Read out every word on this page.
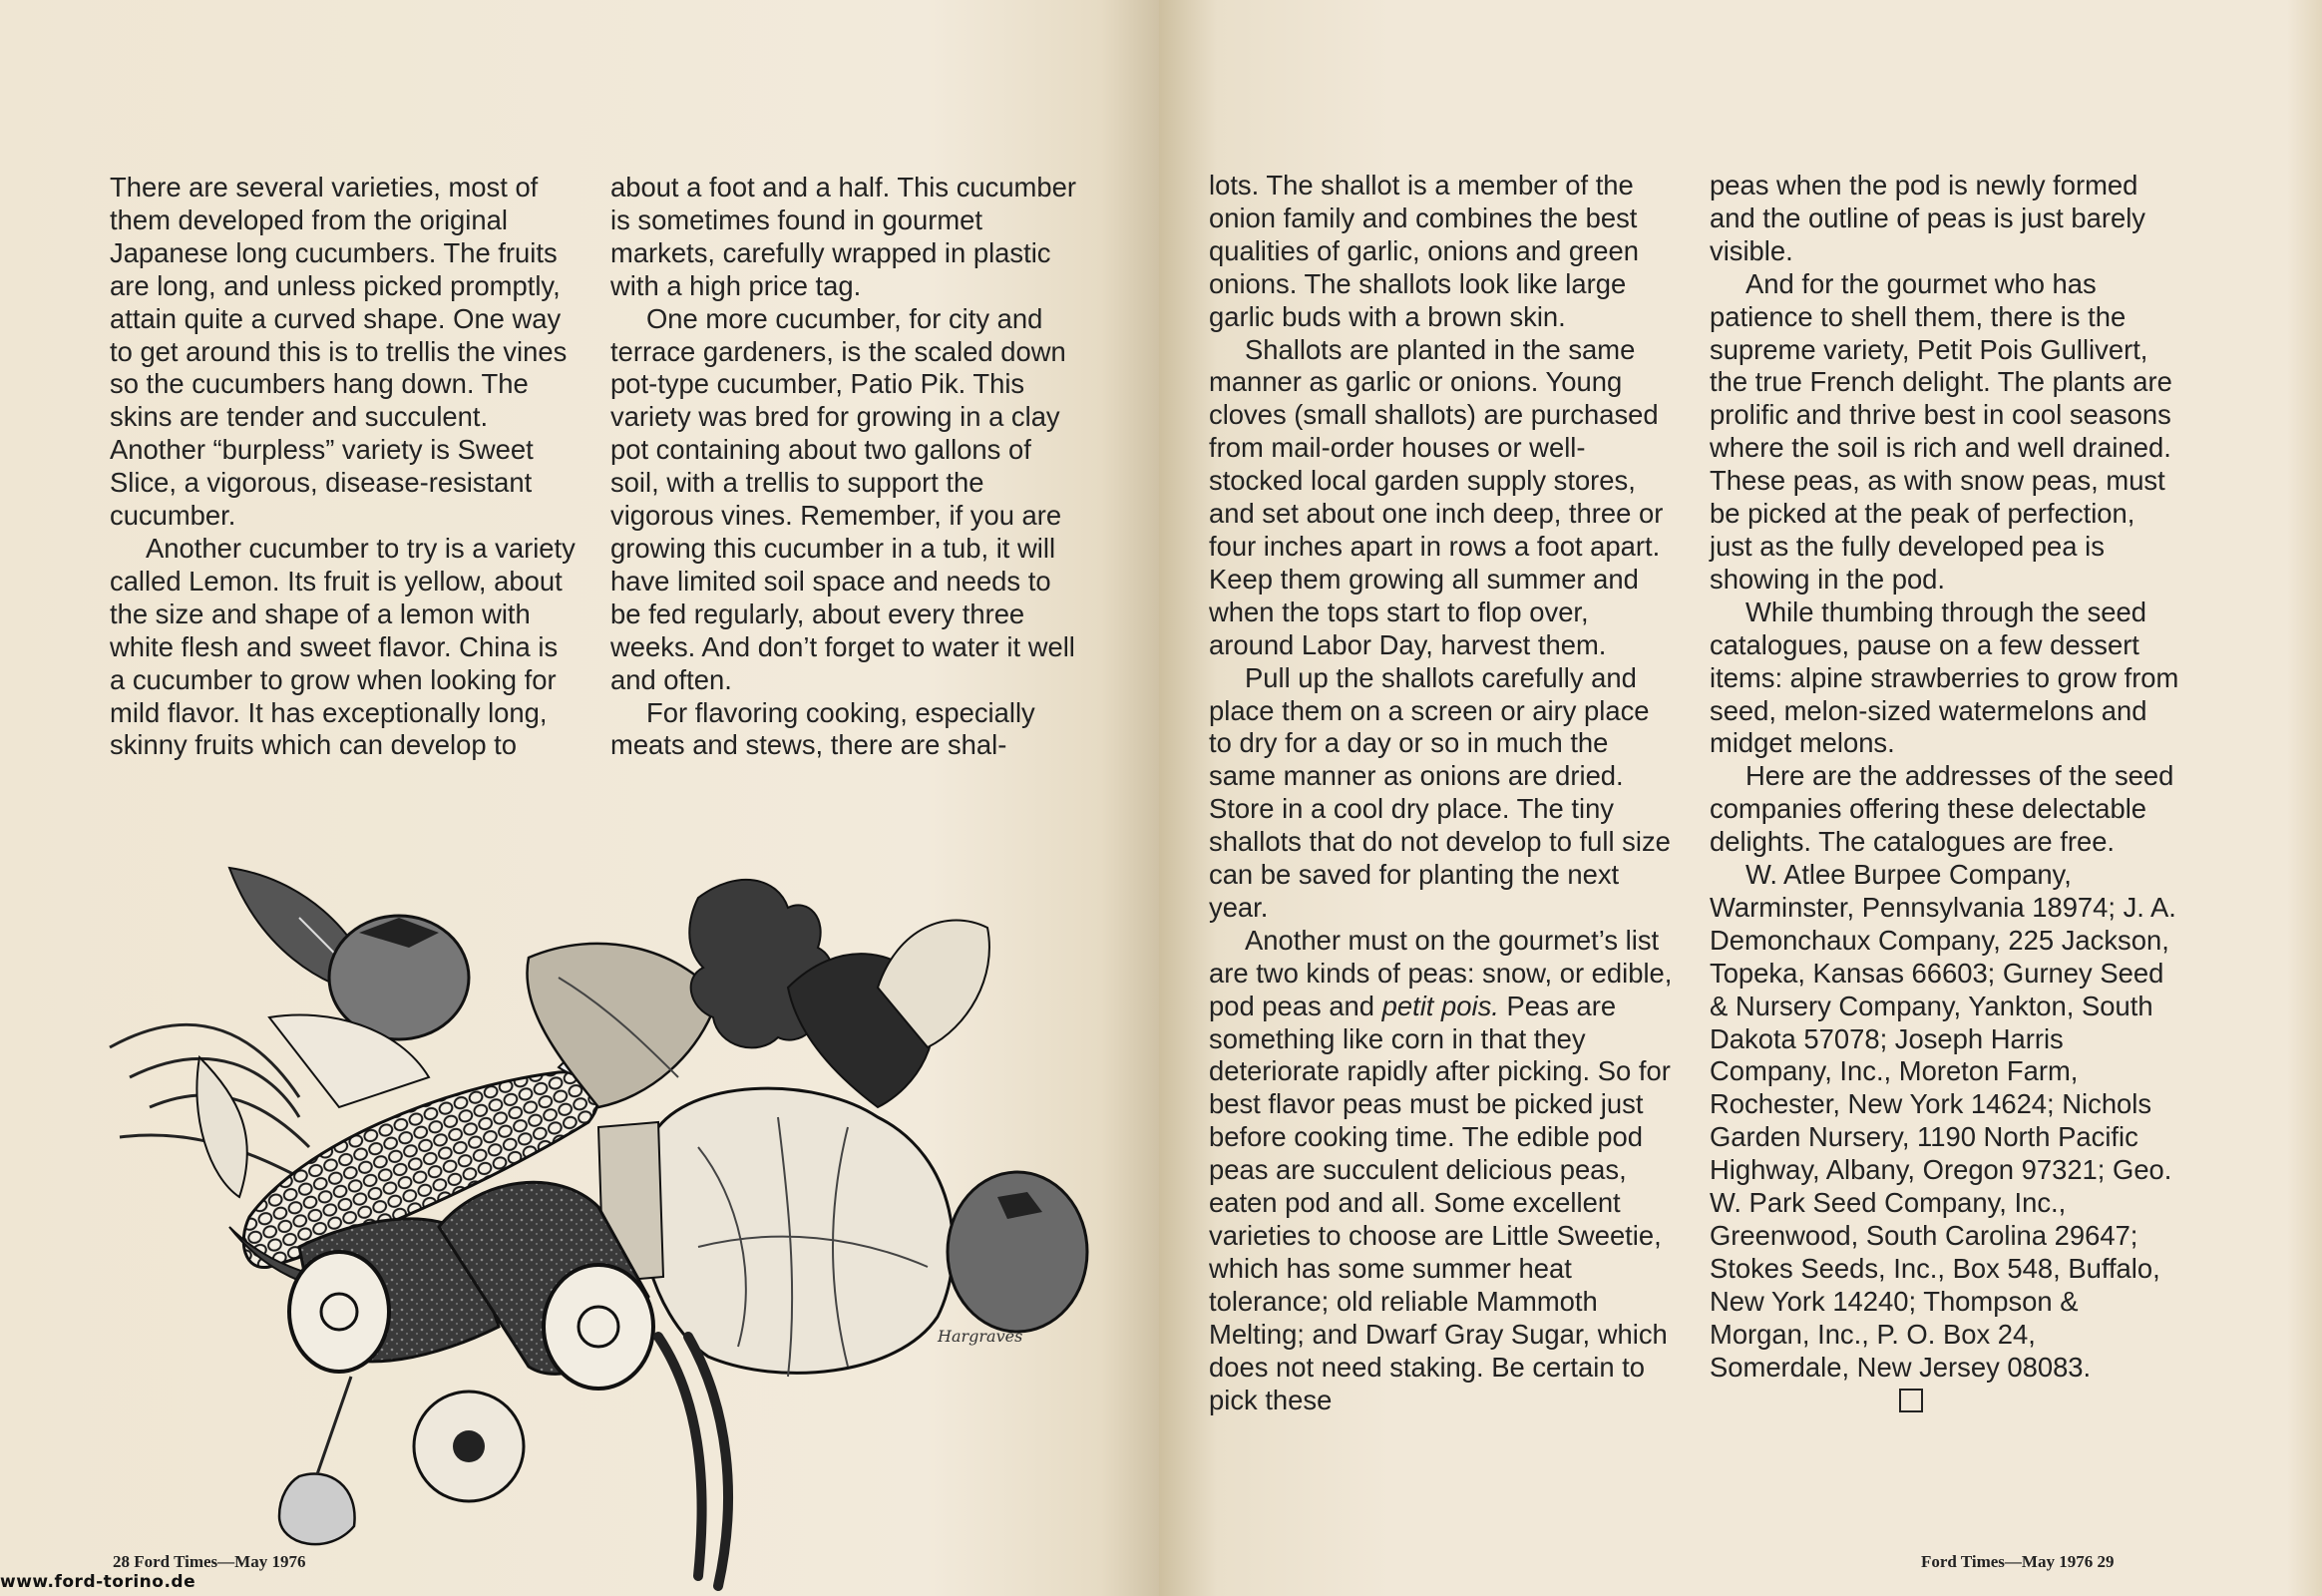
Hargraves

There are several varieties, most of them developed from the original Japanese long cucumbers. The fruits are long, and unless picked promptly, attain quite a curved shape. One way to get around this is to trellis the vines so the cucumbers hang down. The skins are tender and succulent. Another “burpless” variety is Sweet Slice, a vigorous, disease-resistant cucumber.

Another cucumber to try is a variety called Lemon. Its fruit is yellow, about the size and shape of a lemon with white flesh and sweet flavor. China is a cucumber to grow when looking for mild flavor. It has exceptionally long, skinny fruits which can develop to

about a foot and a half. This cucumber is sometimes found in gourmet markets, carefully wrapped in plastic with a high price tag.

One more cucumber, for city and terrace gardeners, is the scaled down pot-type cucumber, Patio Pik. This variety was bred for growing in a clay pot containing about two gallons of soil, with a trellis to support the vigorous vines. Remember, if you are growing this cucumber in a tub, it will have limited soil space and needs to be fed regularly, about every three weeks. And don’t forget to water it well and often.

For flavoring cooking, especially meats and stews, there are shal-

lots. The shallot is a member of the onion family and combines the best qualities of garlic, onions and green onions. The shallots look like large garlic buds with a brown skin.

Shallots are planted in the same manner as garlic or onions. Young cloves (small shallots) are purchased from mail-order houses or well-stocked local garden supply stores, and set about one inch deep, three or four inches apart in rows a foot apart. Keep them growing all summer and when the tops start to flop over, around Labor Day, harvest them.

Pull up the shallots carefully and place them on a screen or airy place to dry for a day or so in much the same manner as onions are dried. Store in a cool dry place. The tiny shallots that do not develop to full size can be saved for planting the next year.

Another must on the gourmet’s list are two kinds of peas: snow, or edible, pod peas and petit pois. Peas are something like corn in that they deteriorate rapidly after picking. So for best flavor peas must be picked just before cooking time. The edible pod peas are succulent delicious peas, eaten pod and all. Some excellent varieties to choose are Little Sweetie, which has some summer heat tolerance; old reliable Mammoth Melting; and Dwarf Gray Sugar, which does not need staking. Be certain to pick these

peas when the pod is newly formed and the outline of peas is just barely visible.

And for the gourmet who has patience to shell them, there is the supreme variety, Petit Pois Gullivert, the true French delight. The plants are prolific and thrive best in cool seasons where the soil is rich and well drained. These peas, as with snow peas, must be picked at the peak of perfection, just as the fully developed pea is showing in the pod.

While thumbing through the seed catalogues, pause on a few dessert items: alpine strawberries to grow from seed, melon-sized watermelons and midget melons.

Here are the addresses of the seed companies offering these delectable delights. The catalogues are free.

W. Atlee Burpee Company, Warminster, Pennsylvania 18974; J. A. Demonchaux Company, 225 Jackson, Topeka, Kansas 66603; Gurney Seed & Nursery Company, Yankton, South Dakota 57078; Joseph Harris Company, Inc., Moreton Farm, Rochester, New York 14624; Nichols Garden Nursery, 1190 North Pacific Highway, Albany, Oregon 97321; Geo. W. Park Seed Company, Inc., Greenwood, South Carolina 29647; Stokes Seeds, Inc., Box 548, Buffalo, New York 14240; Thompson & Morgan, Inc., P. O. Box 24, Somerdale, New Jersey 08083.

28 Ford Times—May 1976	Ford Times—May 1976 29
www.ford-torino.de
